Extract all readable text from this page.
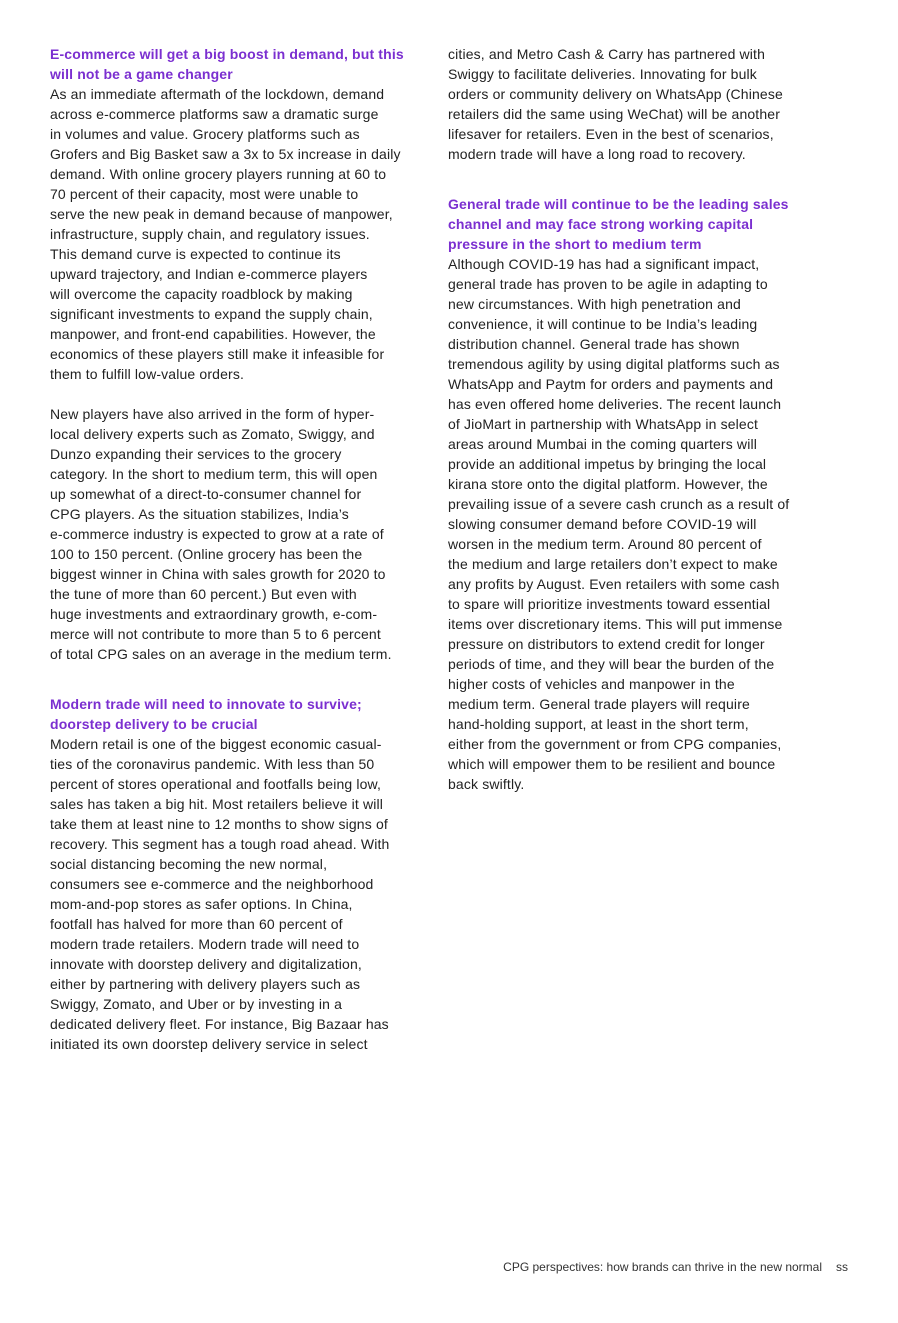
E-commerce will get a big boost in demand, but this
will not be a game changer

As an immediate aftermath of the lockdown, demand
across e-commerce platforms saw a dramatic surge
in volumes and value. Grocery platforms such as
Grofers and Big Basket saw a 3x to 5x increase in daily
demand. With online grocery players running at 60 to
70 percent of their capacity, most were unable to
serve the new peak in demand because of manpower,
infrastructure, supply chain, and regulatory issues.
This demand curve is expected to continue its
upward trajectory, and Indian e-commerce players
will overcome the capacity roadblock by making
significant investments to expand the supply chain,
manpower, and front-end capabilities. However, the
economics of these players still make it infeasible for
them to fulfill low-value orders.

New players have also arrived in the form of hyper-
local delivery experts such as Zomato, Swiggy, and
Dunzo expanding their services to the grocery
category. In the short to medium term, this will open
up somewhat of a direct-to-consumer channel for
CPG players. As the situation stabilizes, India’s
e-commerce industry is expected to grow at a rate of
100 to 150 percent. (Online grocery has been the
biggest winner in China with sales growth for 2020 to
the tune of more than 60 percent.) But even with
huge investments and extraordinary growth, e-com-
merce will not contribute to more than 5 to 6 percent
of total CPG sales on an average in the medium term.

Modern trade will need to innovate to survive;
doorstep delivery to be crucial

Modern retail is one of the biggest economic casual-
ties of the coronavirus pandemic. With less than 50
percent of stores operational and footfalls being low,
sales has taken a big hit. Most retailers believe it will
take them at least nine to 12 months to show signs of
recovery. This segment has a tough road ahead. With
social distancing becoming the new normal,
consumers see e-commerce and the neighborhood
mom-and-pop stores as safer options. In China,
footfall has halved for more than 60 percent of
modern trade retailers. Modern trade will need to
innovate with doorstep delivery and digitalization,
either by partnering with delivery players such as
Swiggy, Zomato, and Uber or by investing in a
dedicated delivery fleet. For instance, Big Bazaar has
initiated its own doorstep delivery service in select

cities, and Metro Cash & Carry has partnered with
Swiggy to facilitate deliveries. Innovating for bulk
orders or community delivery on WhatsApp (Chinese
retailers did the same using WeChat) will be another
lifesaver for retailers. Even in the best of scenarios,
modern trade will have a long road to recovery.

General trade will continue to be the leading sales
channel and may face strong working capital
pressure in the short to medium term

Although COVID-19 has had a significant impact,
general trade has proven to be agile in adapting to
new circumstances. With high penetration and
convenience, it will continue to be India’s leading
distribution channel. General trade has shown
tremendous agility by using digital platforms such as
WhatsApp and Paytm for orders and payments and
has even offered home deliveries. The recent launch
of JioMart in partnership with WhatsApp in select
areas around Mumbai in the coming quarters will
provide an additional impetus by bringing the local
kirana store onto the digital platform. However, the
prevailing issue of a severe cash crunch as a result of
slowing consumer demand before COVID-19 will
worsen in the medium term. Around 80 percent of
the medium and large retailers don’t expect to make
any profits by August. Even retailers with some cash
to spare will prioritize investments toward essential
items over discretionary items. This will put immense
pressure on distributors to extend credit for longer
periods of time, and they will bear the burden of the
higher costs of vehicles and manpower in the
medium term. General trade players will require
hand-holding support, at least in the short term,
either from the government or from CPG companies,
which will empower them to be resilient and bounce
back swiftly.

CPG perspectives: how brands can thrive in the new normal ss
